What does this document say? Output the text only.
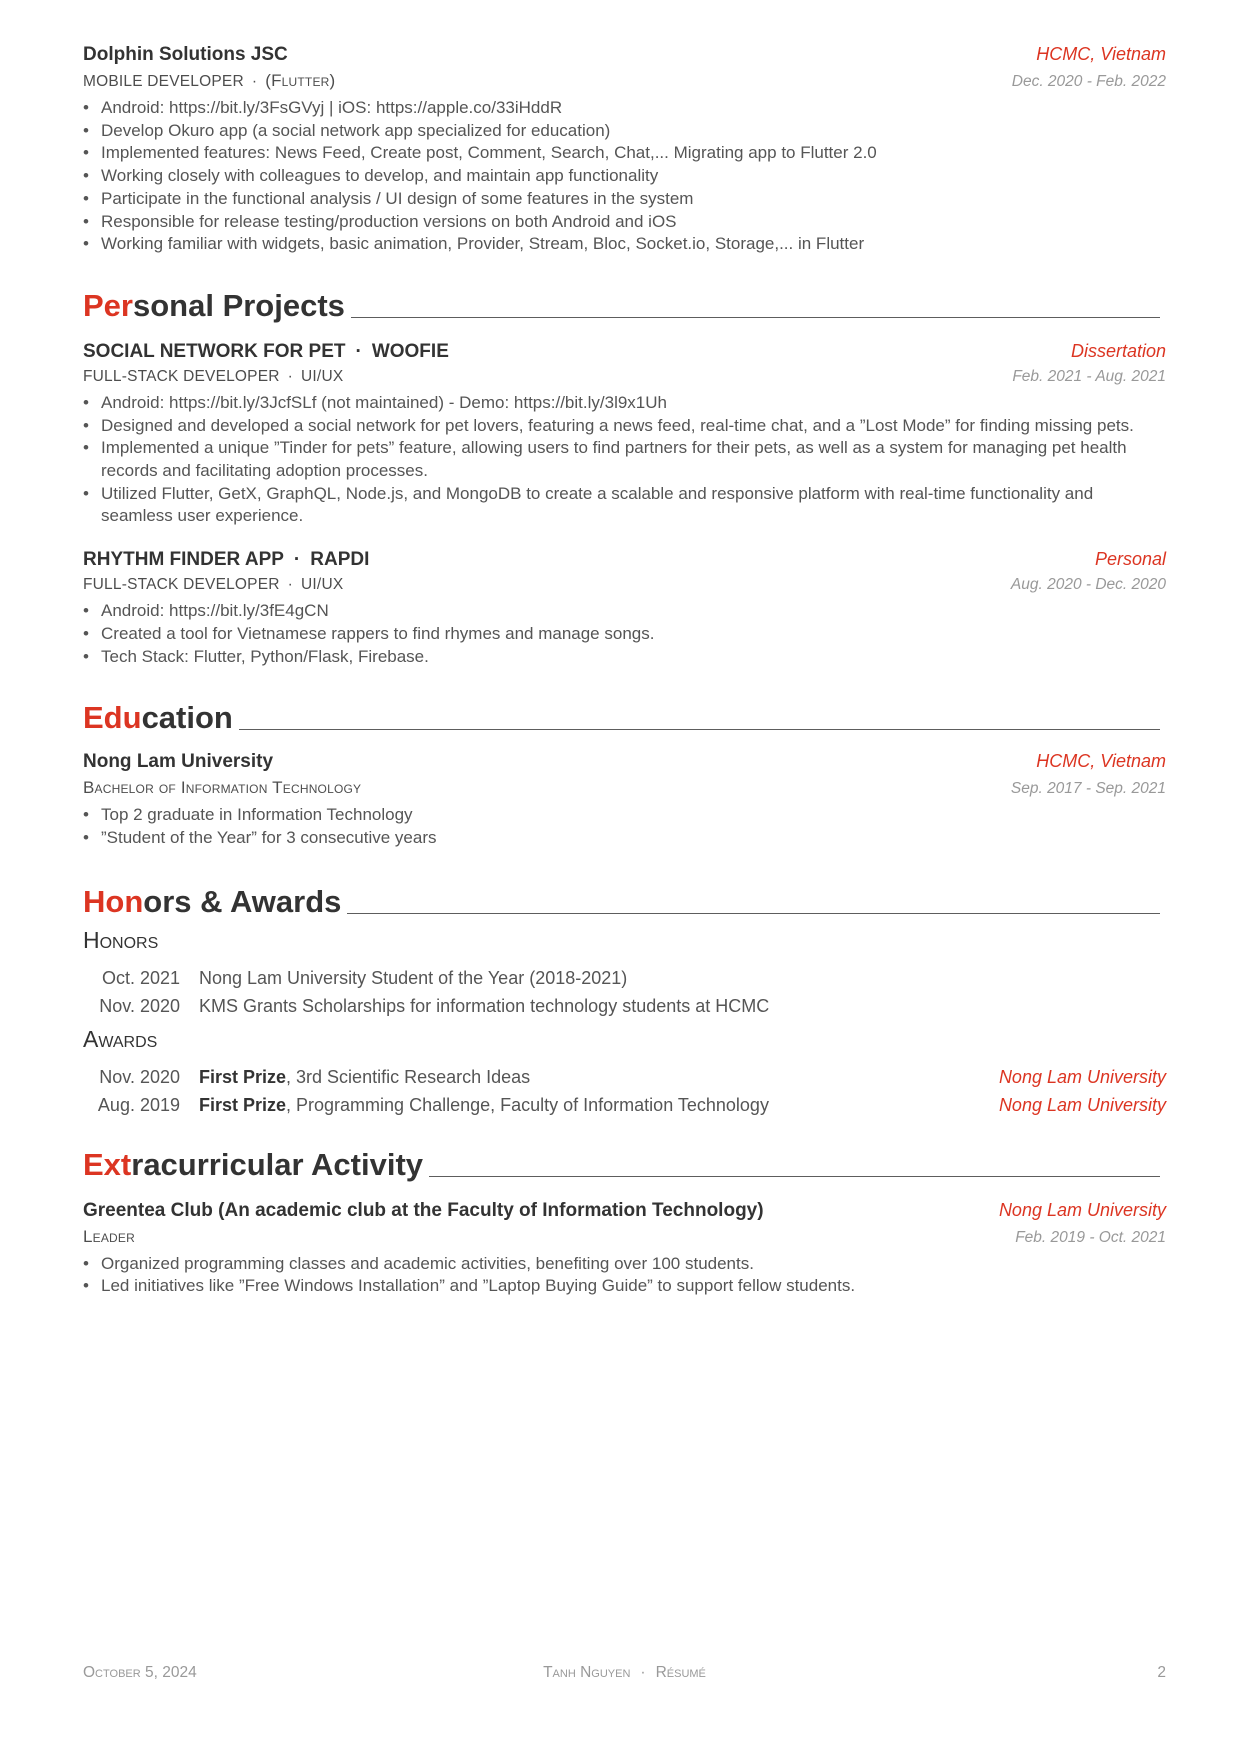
Dolphin Solutions JSC	HCMC, Vietnam
MOBILE DEVELOPER · (Flutter)	Dec. 2020 - Feb. 2022
• Android: https://bit.ly/3FsGVyj | iOS: https://apple.co/33iHddR
• Develop Okuro app (a social network app specialized for education)
• Implemented features: News Feed, Create post, Comment, Search, Chat,... Migrating app to Flutter 2.0
• Working closely with colleagues to develop, and maintain app functionality
• Participate in the functional analysis / UI design of some features in the system
• Responsible for release testing/production versions on both Android and iOS
• Working familiar with widgets, basic animation, Provider, Stream, Bloc, Socket.io, Storage,... in Flutter
Personal Projects
SOCIAL NETWORK FOR PET · WOOFIE	Dissertation
FULL-STACK DEVELOPER · UI/UX	Feb. 2021 - Aug. 2021
• Android: https://bit.ly/3JcfSLf (not maintained) - Demo: https://bit.ly/3l9x1Uh
• Designed and developed a social network for pet lovers, featuring a news feed, real-time chat, and a ”Lost Mode” for finding missing pets.
• Implemented a unique ”Tinder for pets” feature, allowing users to find partners for their pets, as well as a system for managing pet health records and facilitating adoption processes.
• Utilized Flutter, GetX, GraphQL, Node.js, and MongoDB to create a scalable and responsive platform with real-time functionality and seamless user experience.
RHYTHM FINDER APP · RAPDI	Personal
FULL-STACK DEVELOPER · UI/UX	Aug. 2020 - Dec. 2020
• Android: https://bit.ly/3fE4gCN
• Created a tool for Vietnamese rappers to find rhymes and manage songs.
• Tech Stack: Flutter, Python/Flask, Firebase.
Education
Nong Lam University	HCMC, Vietnam
Bachelor of Information Technology	Sep. 2017 - Sep. 2021
• Top 2 graduate in Information Technology
• ”Student of the Year” for 3 consecutive years
Honors & Awards
Honors
Oct. 2021 Nong Lam University Student of the Year (2018-2021)
Nov. 2020 KMS Grants Scholarships for information technology students at HCMC
Awards
Nov. 2020 First Prize, 3rd Scientific Research Ideas	Nong Lam University
Aug. 2019 First Prize, Programming Challenge, Faculty of Information Technology	Nong Lam University
Extracurricular Activity
Greentea Club (An academic club at the Faculty of Information Technology)	Nong Lam University
Leader	Feb. 2019 - Oct. 2021
• Organized programming classes and academic activities, benefiting over 100 students.
• Led initiatives like ”Free Windows Installation” and ”Laptop Buying Guide” to support fellow students.
October 5, 2024	Tanh Nguyen · Résumé	2
